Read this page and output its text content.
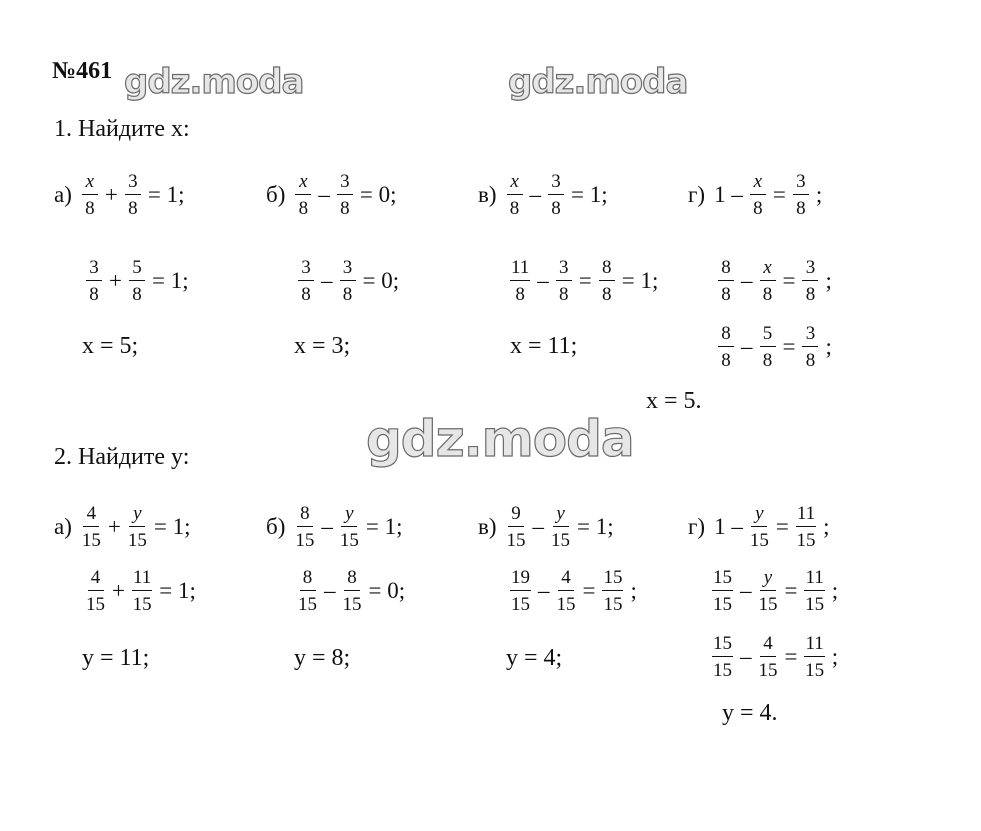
№461 gdz.moda	gdz.moda
gdz.moda
1. Найдите х:
$а) \frac{x}{8} + \frac{3}{8} = 1$;
$\frac{3}{8} + \frac{5}{8} = 1$;
х = 5;
$б) \frac{x}{8} - \frac{3}{8} = 0$;
$\frac{3}{8} - \frac{3}{8} = 0$;
х = 3;
$в) \frac{x}{8} - \frac{3}{8} = 1$;
$\frac{11}{8} - \frac{3}{8} = \frac{8}{8} = 1$;
х = 11;
г) $1 - \frac{x}{8} = \frac{3}{8}$ ;
$\frac{8}{8} - \frac{x}{8} = \frac{3}{8}$ ;
$\frac{8}{8} - \frac{5}{8} = \frac{3}{8}$ ;
х = 5.
2. Найдите у:
$а) \frac{4}{15} + \frac{y}{15} = 1$;
$\frac{4}{15} + \frac{11}{15} = 1$;
у = 11;
$б) \frac{8}{15} - \frac{y}{15} = 1$;
$\frac{8}{15} - \frac{8}{15} = 0$;
у = 8;
$в) \frac{9}{15} - \frac{y}{15} = 1$;
$\frac{19}{15} - \frac{4}{15} = \frac{15}{15}$ ;
у = 4;
г) $1 - \frac{y}{15} = \frac{11}{15}$ ;
$\frac{15}{15} - \frac{y}{15} = \frac{11}{15}$ ;
$\frac{15}{15} - \frac{4}{15} = \frac{11}{15}$ ;
у = 4.
